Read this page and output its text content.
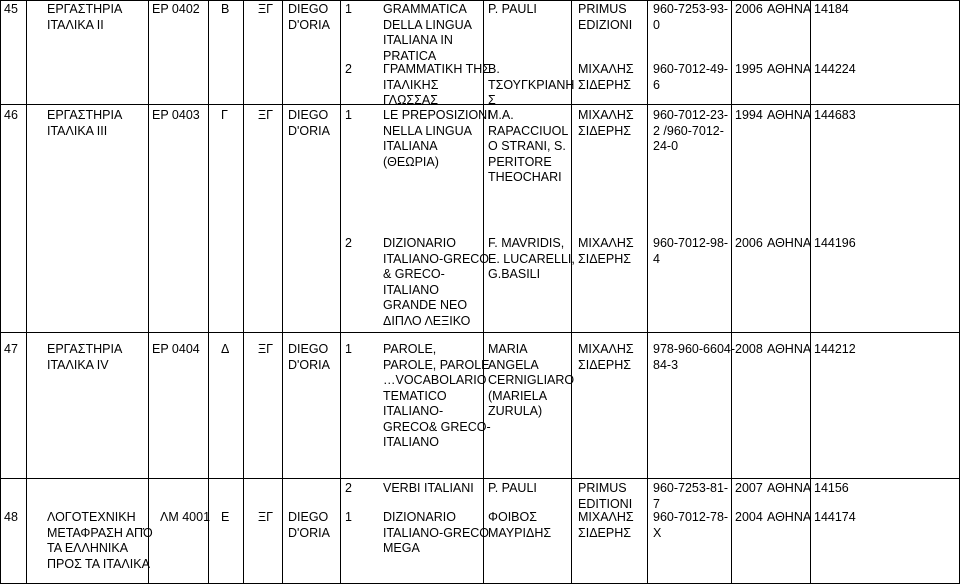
45 ΕΡΓΑΣΤΗΡΙΑ
ΙΤΑΛΙΚΑ ΙΙ
ΕΡ 0402 Β ΞΓ DIEGO
D'ORIA
1 GRAMMATICA
DELLA LINGUA
ITALIANA IN
PRATICA
P. PAULI	PRIMUS
EDIZIONI
960-7253-93-
0
2006 ΑΘΗΝΑ 14184
2 ΓΡΑΜΜΑΤΙΚΗ ΤΗΣ
ΙΤΑΛΙΚΗΣ
ΓΛΩΣΣΑΣ
Β.
ΤΣΟΥΓΚΡΙΑΝΗ
Σ
ΜΙΧΑΛΗΣ
ΣΙΔΕΡΗΣ
960-7012-49-
6
1995 ΑΘΗΝΑ 144224
46 ΕΡΓΑΣΤΗΡΙΑ
ΙΤΑΛΙΚΑ ΙΙΙ
ΕΡ 0403 Γ ΞΓ DIEGO
D'ORIA
1 LE PREPOSIZIONI
NELLA LINGUA
ITALIANA
(ΘΕΩΡΙΑ)
M.A.
RAPACCIUOL
O STRANI, S.
PERITORE
THEOCHARI
ΜΙΧΑΛΗΣ
ΣΙΔΕΡΗΣ
960-7012-23-
2 /960-7012-
24-0
1994 ΑΘΗΝΑ 144683
2 DIZIONARIO
ITALIANO-GRECO
& GRECO-
ITALIANO
GRANDE NEO
ΔΙΠΛΟ ΛΕΞΙΚΟ
F. MAVRIDIS,
E. LUCARELLI,
G.BASILI
ΜΙΧΑΛΗΣ
ΣΙΔΕΡΗΣ
960-7012-98-
4
2006 ΑΘΗΝΑ 144196
47 ΕΡΓΑΣΤΗΡΙΑ
ΙΤΑΛΙΚΑ IV
ΕΡ 0404 Δ ΞΓ DIEGO
D'ORIA
1 PAROLE,
PAROLE, PAROLE
…VOCABOLARIO
TEMATICO
ITALIANO-
GRECO& GRECO-
ITALIANO
MARIA
ANGELA
CERNIGLIARO
(MARIELA
ZURULA)
ΜΙΧΑΛΗΣ
ΣΙΔΕΡΗΣ
978-960-6604-
84-3
2008 ΑΘΗΝΑ 144212
48 ΛΟΓΟΤΕΧΝΙΚΗ
ΜΕΤΑΦΡΑΣΗ ΑΠΌ
ΤΑ ΕΛΛΗΝΙΚΑ
ΠΡΟΣ ΤΑ ΙΤΑΛΙΚΑ
ΛΜ 4001 Ε ΞΓ DIEGO
D'ORIA
2 VERBI ITALIANI P. PAULI	PRIMUS
EDITIONI
960-7253-81-
7
2007 ΑΘΗΝΑ 14156
1 DIZIONARIO
ITALIANO-GRECO
MEGA
ΦΟΙΒΟΣ
ΜΑΥΡΙΔΗΣ
ΜΙΧΑΛΗΣ
ΣΙΔΕΡΗΣ
960-7012-78-
X
2004 ΑΘΗΝΑ 144174
